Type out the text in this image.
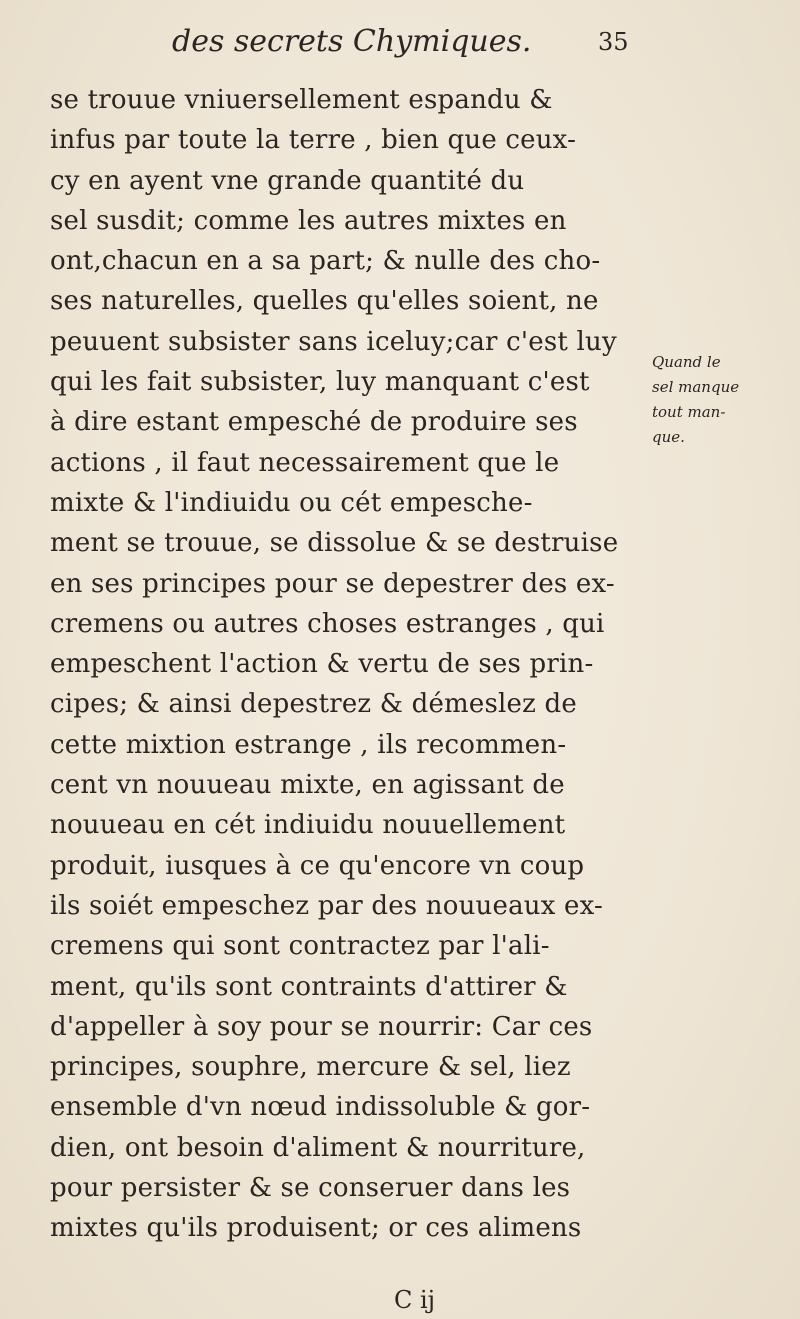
des secrets Chymiques.	35
se trouue vniuersellement espandu &
infus par toute la terre , bien que ceux-
cy en ayent vne grande quantité du
sel susdit; comme les autres mixtes en
ont,chacun en a sa part; & nulle des cho-
ses naturelles, quelles qu'elles soient, ne
peuuent subsister sans iceluy;car c'est luy
qui les fait subsister, luy manquant c'est
à dire estant empesché de produire ses
actions , il faut necessairement que le
mixte & l'indiuidu ou cét empesche-
ment se trouue, se dissolue & se destruise
en ses principes pour se depestrer des ex-
cremens ou autres choses estranges , qui
empeschent l'action & vertu de ses prin-
cipes; & ainsi depestrez & démeslez de
cette mixtion estrange , ils recommen-
cent vn nouueau mixte, en agissant de
nouueau en cét indiuidu nouuellement
produit, iusques à ce qu'encore vn coup
ils soiét empeschez par des nouueaux ex-
cremens qui sont contractez par l'ali-
ment, qu'ils sont contraints d'attirer &
d'appeller à soy pour se nourrir: Car ces
principes, souphre, mercure & sel, liez
ensemble d'vn nœud indissoluble & gor-
dien, ont besoin d'aliment & nourriture,
pour persister & se conseruer dans les
mixtes qu'ils produisent; or ces alimens
Quand le
sel manque
tout man-
que.
C ij
